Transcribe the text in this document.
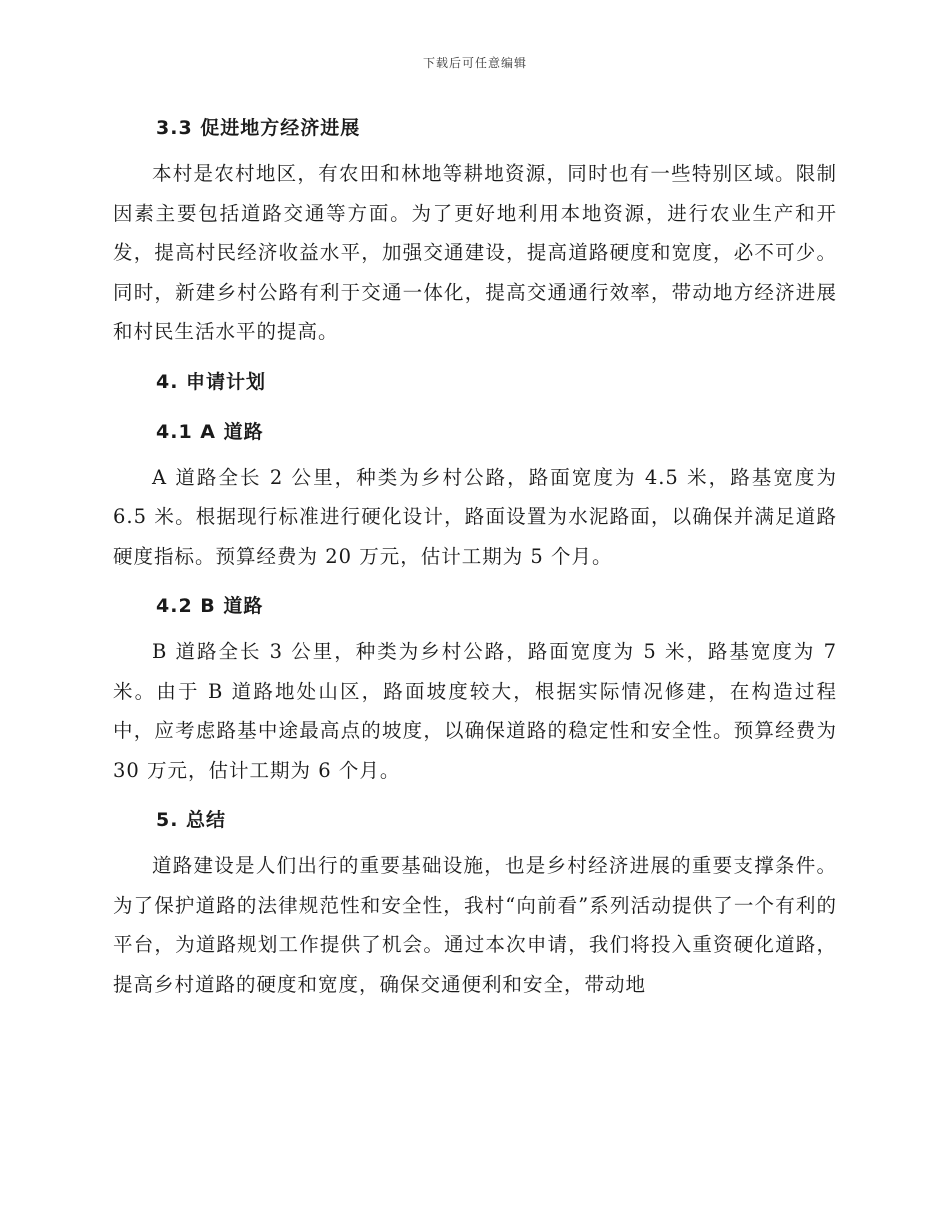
下载后可任意编辑
3.3 促进地方经济进展

本村是农村地区，有农田和林地等耕地资源，同时也有一些特别区域。限制因素主要包括道路交通等方面。为了更好地利用本地资源，进行农业生产和开发，提高村民经济收益水平，加强交通建设，提高道路硬度和宽度，必不可少。同时，新建乡村公路有利于交通一体化，提高交通通行效率，带动地方经济进展和村民生活水平的提高。

4. 申请计划
4.1 A 道路

A 道路全长 2 公里，种类为乡村公路，路面宽度为 4.5 米，路基宽度为 6.5 米。根据现行标准进行硬化设计，路面设置为水泥路面，以确保并满足道路硬度指标。预算经费为 20 万元，估计工期为 5 个月。

4.2 B 道路

B 道路全长 3 公里，种类为乡村公路，路面宽度为 5 米，路基宽度为 7 米。由于 B 道路地处山区，路面坡度较大，根据实际情况修建，在构造过程中，应考虑路基中途最高点的坡度，以确保道路的稳定性和安全性。预算经费为 30 万元，估计工期为 6 个月。

5. 总结

道路建设是人们出行的重要基础设施，也是乡村经济进展的重要支撑条件。为了保护道路的法律规范性和安全性，我村“向前看”系列活动提供了一个有利的平台，为道路规划工作提供了机会。通过本次申请，我们将投入重资硬化道路，提高乡村道路的硬度和宽度，确保交通便利和安全，带动地
